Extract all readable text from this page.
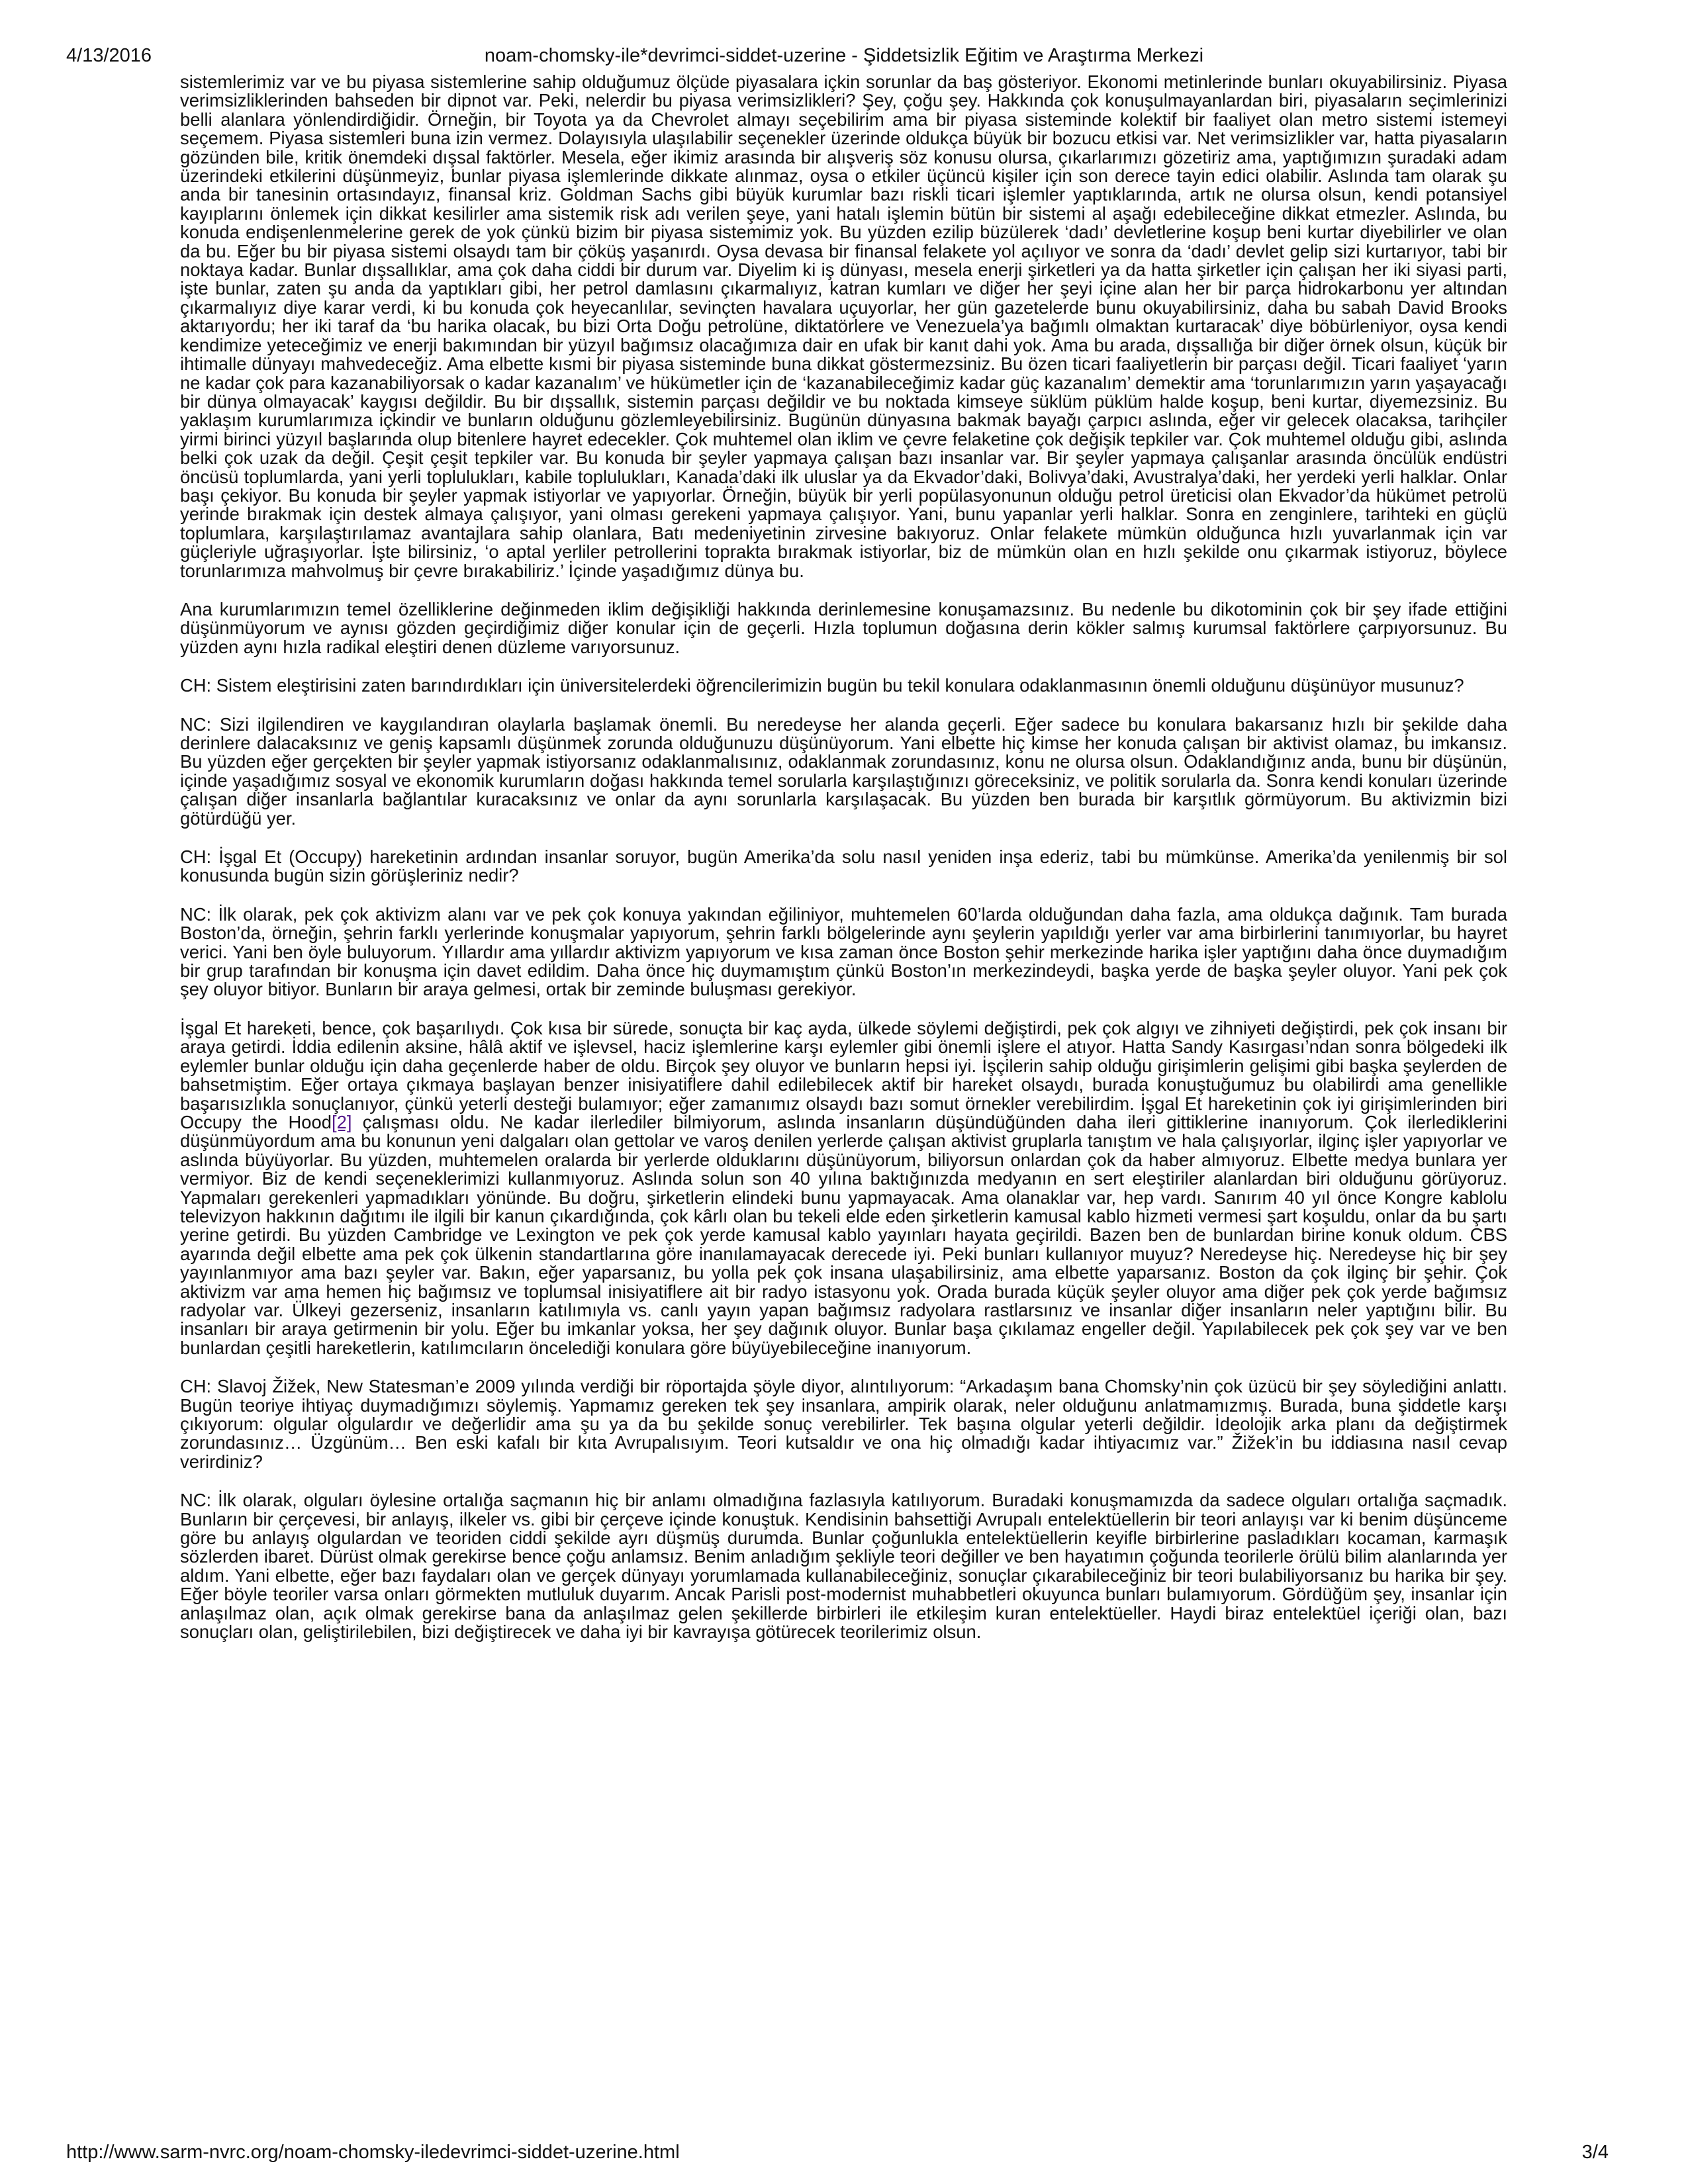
4/13/2016	noam-chomsky-ile*devrimci-siddet-uzerine - Şiddetsizlik Eğitim ve Araştırma Merkezi

sistemlerimiz var ve bu piyasa sistemlerine sahip olduğumuz ölçüde piyasalara içkin sorunlar da baş gösteriyor. Ekonomi metinlerinde bunları okuyabilirsiniz. Piyasa verimsizliklerinden bahseden bir dipnot var. Peki, nelerdir bu piyasa verimsizlikleri? Şey, çoğu şey. Hakkında çok konuşulmayanlardan biri, piyasaların seçimlerinizi belli alanlara yönlendirdiğidir. Örneğin, bir Toyota ya da Chevrolet almayı seçebilirim ama bir piyasa sisteminde kolektif bir faaliyet olan metro sistemi istemeyi seçemem. Piyasa sistemleri buna izin vermez. Dolayısıyla ulaşılabilir seçenekler üzerinde oldukça büyük bir bozucu etkisi var. Net verimsizlikler var, hatta piyasaların gözünden bile, kritik önemdeki dışsal faktörler. Mesela, eğer ikimiz arasında bir alışveriş söz konusu olursa, çıkarlarımızı gözetiriz ama, yaptığımızın şuradaki adam üzerindeki etkilerini düşünmeyiz, bunlar piyasa işlemlerinde dikkate alınmaz, oysa o etkiler üçüncü kişiler için son derece tayin edici olabilir. Aslında tam olarak şu anda bir tanesinin ortasındayız, finansal kriz. Goldman Sachs gibi büyük kurumlar bazı riskli ticari işlemler yaptıklarında, artık ne olursa olsun, kendi potansiyel kayıplarını önlemek için dikkat kesilirler ama sistemik risk adı verilen şeye, yani hatalı işlemin bütün bir sistemi al aşağı edebileceğine dikkat etmezler. Aslında, bu konuda endişenlenmelerine gerek de yok çünkü bizim bir piyasa sistemimiz yok. Bu yüzden ezilip büzülerek ‘dadı’ devletlerine koşup beni kurtar diyebilirler ve olan da bu. Eğer bu bir piyasa sistemi olsaydı tam bir çöküş yaşanırdı. Oysa devasa bir finansal felakete yol açılıyor ve sonra da ‘dadı’ devlet gelip sizi kurtarıyor, tabi bir noktaya kadar. Bunlar dışsallıklar, ama çok daha ciddi bir durum var. Diyelim ki iş dünyası, mesela enerji şirketleri ya da hatta şirketler için çalışan her iki siyasi parti, işte bunlar, zaten şu anda da yaptıkları gibi, her petrol damlasını çıkarmalıyız, katran kumları ve diğer her şeyi içine alan her bir parça hidrokarbonu yer altından çıkarmalıyız diye karar verdi, ki bu konuda çok heyecanlılar, sevinçten havalara uçuyorlar, her gün gazetelerde bunu okuyabilirsiniz, daha bu sabah David Brooks aktarıyordu; her iki taraf da ‘bu harika olacak, bu bizi Orta Doğu petrolüne, diktatörlere ve Venezuela’ya bağımlı olmaktan kurtaracak’ diye böbürleniyor, oysa kendi kendimize yeteceğimiz ve enerji bakımından bir yüzyıl bağımsız olacağımıza dair en ufak bir kanıt dahi yok. Ama bu arada, dışsallığa bir diğer örnek olsun, küçük bir ihtimalle dünyayı mahvedeceğiz. Ama elbette kısmi bir piyasa sisteminde buna dikkat göstermezsiniz. Bu özen ticari faaliyetlerin bir parçası değil. Ticari faaliyet ‘yarın ne kadar çok para kazanabiliyorsak o kadar kazanalım’ ve hükümetler için de ‘kazanabileceğimiz kadar güç kazanalım’ demektir ama ‘torunlarımızın yarın yaşayacağı bir dünya olmayacak’ kaygısı değildir. Bu bir dışsallık, sistemin parçası değildir ve bu noktada kimseye süklüm püklüm halde koşup, beni kurtar, diyemezsiniz. Bu yaklaşım kurumlarımıza içkindir ve bunların olduğunu gözlemleyebilirsiniz. Bugünün dünyasına bakmak bayağı çarpıcı aslında, eğer vir gelecek olacaksa, tarihçiler yirmi birinci yüzyıl başlarında olup bitenlere hayret edecekler. Çok muhtemel olan iklim ve çevre felaketine çok değişik tepkiler var. Çok muhtemel olduğu gibi, aslında belki çok uzak da değil. Çeşit çeşit tepkiler var. Bu konuda bir şeyler yapmaya çalışan bazı insanlar var. Bir şeyler yapmaya çalışanlar arasında öncülük endüstri öncüsü toplumlarda, yani yerli toplulukları, kabile toplulukları, Kanada’daki ilk uluslar ya da Ekvador’daki, Bolivya’daki, Avustralya’daki, her yerdeki yerli halklar. Onlar başı çekiyor. Bu konuda bir şeyler yapmak istiyorlar ve yapıyorlar. Örneğin, büyük bir yerli popülasyonunun olduğu petrol üreticisi olan Ekvador’da hükümet petrolü yerinde bırakmak için destek almaya çalışıyor, yani olması gerekeni yapmaya çalışıyor. Yani, bunu yapanlar yerli halklar. Sonra en zenginlere, tarihteki en güçlü toplumlara, karşılaştırılamaz avantajlara sahip olanlara, Batı medeniyetinin zirvesine bakıyoruz. Onlar felakete mümkün olduğunca hızlı yuvarlanmak için var güçleriyle uğraşıyorlar. İşte bilirsiniz, ‘o aptal yerliler petrollerini toprakta bırakmak istiyorlar, biz de mümkün olan en hızlı şekilde onu çıkarmak istiyoruz, böylece torunlarımıza mahvolmuş bir çevre bırakabiliriz.’ İçinde yaşadığımız dünya bu.

Ana kurumlarımızın temel özelliklerine değinmeden iklim değişikliği hakkında derinlemesine konuşamazsınız. Bu nedenle bu dikotominin çok bir şey ifade ettiğini düşünmüyorum ve aynısı gözden geçirdiğimiz diğer konular için de geçerli. Hızla toplumun doğasına derin kökler salmış kurumsal faktörlere çarpıyorsunuz. Bu yüzden aynı hızla radikal eleştiri denen düzleme varıyorsunuz.

CH: Sistem eleştirisini zaten barındırdıkları için üniversitelerdeki öğrencilerimizin bugün bu tekil konulara odaklanmasının önemli olduğunu düşünüyor musunuz?

NC: Sizi ilgilendiren ve kaygılandıran olaylarla başlamak önemli. Bu neredeyse her alanda geçerli. Eğer sadece bu konulara bakarsanız hızlı bir şekilde daha derinlere dalacaksınız ve geniş kapsamlı düşünmek zorunda olduğunuzu düşünüyorum. Yani elbette hiç kimse her konuda çalışan bir aktivist olamaz, bu imkansız. Bu yüzden eğer gerçekten bir şeyler yapmak istiyorsanız odaklanmalısınız, odaklanmak zorundasınız, konu ne olursa olsun. Odaklandığınız anda, bunu bir düşünün, içinde yaşadığımız sosyal ve ekonomik kurumların doğası hakkında temel sorularla karşılaştığınızı göreceksiniz, ve politik sorularla da. Sonra kendi konuları üzerinde çalışan diğer insanlarla bağlantılar kuracaksınız ve onlar da aynı sorunlarla karşılaşacak. Bu yüzden ben burada bir karşıtlık görmüyorum. Bu aktivizmin bizi götürdüğü yer.

CH: İşgal Et (Occupy) hareketinin ardından insanlar soruyor, bugün Amerika’da solu nasıl yeniden inşa ederiz, tabi bu mümkünse. Amerika’da yenilenmiş bir sol konusunda bugün sizin görüşleriniz nedir?

NC: İlk olarak, pek çok aktivizm alanı var ve pek çok konuya yakından eğiliniyor, muhtemelen 60’larda olduğundan daha fazla, ama oldukça dağınık. Tam burada Boston’da, örneğin, şehrin farklı yerlerinde konuşmalar yapıyorum, şehrin farklı bölgelerinde aynı şeylerin yapıldığı yerler var ama birbirlerini tanımıyorlar, bu hayret verici. Yani ben öyle buluyorum. Yıllardır ama yıllardır aktivizm yapıyorum ve kısa zaman önce Boston şehir merkezinde harika işler yaptığını daha önce duymadığım bir grup tarafından bir konuşma için davet edildim. Daha önce hiç duymamıştım çünkü Boston’ın merkezindeydi, başka yerde de başka şeyler oluyor. Yani pek çok şey oluyor bitiyor. Bunların bir araya gelmesi, ortak bir zeminde buluşması gerekiyor.

İşgal Et hareketi, bence, çok başarılıydı. Çok kısa bir sürede, sonuçta bir kaç ayda, ülkede söylemi değiştirdi, pek çok algıyı ve zihniyeti değiştirdi, pek çok insanı bir araya getirdi. İddia edilenin aksine, hâlâ aktif ve işlevsel, haciz işlemlerine karşı eylemler gibi önemli işlere el atıyor. Hatta Sandy Kasırgası’ndan sonra bölgedeki ilk eylemler bunlar olduğu için daha geçenlerde haber de oldu. Birçok şey oluyor ve bunların hepsi iyi. İşçilerin sahip olduğu girişimlerin gelişimi gibi başka şeylerden de bahsetmiştim. Eğer ortaya çıkmaya başlayan benzer inisiyatiflere dahil edilebilecek aktif bir hareket olsaydı, burada konuştuğumuz bu olabilirdi ama genellikle başarısızlıkla sonuçlanıyor, çünkü yeterli desteği bulamıyor; eğer zamanımız olsaydı bazı somut örnekler verebilirdim. İşgal Et hareketinin çok iyi girişimlerinden biri Occupy the Hood[2] çalışması oldu. Ne kadar ilerlediler bilmiyorum, aslında insanların düşündüğünden daha ileri gittiklerine inanıyorum. Çok ilerlediklerini düşünmüyordum ama bu konunun yeni dalgaları olan gettolar ve varoş denilen yerlerde çalışan aktivist gruplarla tanıştım ve hala çalışıyorlar, ilginç işler yapıyorlar ve aslında büyüyorlar. Bu yüzden, muhtemelen oralarda bir yerlerde olduklarını düşünüyorum, biliyorsun onlardan çok da haber almıyoruz. Elbette medya bunlara yer vermiyor. Biz de kendi seçeneklerimizi kullanmıyoruz. Aslında solun son 40 yılına baktığınızda medyanın en sert eleştiriler alanlardan biri olduğunu görüyoruz. Yapmaları gerekenleri yapmadıkları yönünde. Bu doğru, şirketlerin elindeki bunu yapmayacak. Ama olanaklar var, hep vardı. Sanırım 40 yıl önce Kongre kablolu televizyon hakkının dağıtımı ile ilgili bir kanun çıkardığında, çok kârlı olan bu tekeli elde eden şirketlerin kamusal kablo hizmeti vermesi şart koşuldu, onlar da bu şartı yerine getirdi. Bu yüzden Cambridge ve Lexington ve pek çok yerde kamusal kablo yayınları hayata geçirildi. Bazen ben de bunlardan birine konuk oldum. CBS ayarında değil elbette ama pek çok ülkenin standartlarına göre inanılamayacak derecede iyi. Peki bunları kullanıyor muyuz? Neredeyse hiç. Neredeyse hiç bir şey yayınlanmıyor ama bazı şeyler var. Bakın, eğer yaparsanız, bu yolla pek çok insana ulaşabilirsiniz, ama elbette yaparsanız. Boston da çok ilginç bir şehir. Çok aktivizm var ama hemen hiç bağımsız ve toplumsal inisiyatiflere ait bir radyo istasyonu yok. Orada burada küçük şeyler oluyor ama diğer pek çok yerde bağımsız radyolar var. Ülkeyi gezerseniz, insanların katılımıyla vs. canlı yayın yapan bağımsız radyolara rastlarsınız ve insanlar diğer insanların neler yaptığını bilir. Bu insanları bir araya getirmenin bir yolu. Eğer bu imkanlar yoksa, her şey dağınık oluyor. Bunlar başa çıkılamaz engeller değil. Yapılabilecek pek çok şey var ve ben bunlardan çeşitli hareketlerin, katılımcıların öncelediği konulara göre büyüyebileceğine inanıyorum.

CH: Slavoj Žižek, New Statesman’e 2009 yılında verdiği bir röportajda şöyle diyor, alıntılıyorum: “Arkadaşım bana Chomsky’nin çok üzücü bir şey söylediğini anlattı. Bugün teoriye ihtiyaç duymadığımızı söylemiş. Yapmamız gereken tek şey insanlara, ampirik olarak, neler olduğunu anlatmamızmış. Burada, buna şiddetle karşı çıkıyorum: olgular olgulardır ve değerlidir ama şu ya da bu şekilde sonuç verebilirler. Tek başına olgular yeterli değildir. İdeolojik arka planı da değiştirmek zorundasınız… Üzgünüm… Ben eski kafalı bir kıta Avrupalısıyım. Teori kutsaldır ve ona hiç olmadığı kadar ihtiyacımız var.” Žižek’in bu iddiasına nasıl cevap verirdiniz?

NC: İlk olarak, olguları öylesine ortalığa saçmanın hiç bir anlamı olmadığına fazlasıyla katılıyorum. Buradaki konuşmamızda da sadece olguları ortalığa saçmadık. Bunların bir çerçevesi, bir anlayış, ilkeler vs. gibi bir çerçeve içinde konuştuk. Kendisinin bahsettiği Avrupalı entelektüellerin bir teori anlayışı var ki benim düşünceme göre bu anlayış olgulardan ve teoriden ciddi şekilde ayrı düşmüş durumda. Bunlar çoğunlukla entelektüellerin keyifle birbirlerine pasladıkları kocaman, karmaşık sözlerden ibaret. Dürüst olmak gerekirse bence çoğu anlamsız. Benim anladığım şekliyle teori değiller ve ben hayatımın çoğunda teorilerle örülü bilim alanlarında yer aldım. Yani elbette, eğer bazı faydaları olan ve gerçek dünyayı yorumlamada kullanabileceğiniz, sonuçlar çıkarabileceğiniz bir teori bulabiliyorsanız bu harika bir şey. Eğer böyle teoriler varsa onları görmekten mutluluk duyarım. Ancak Parisli post-modernist muhabbetleri okuyunca bunları bulamıyorum. Gördüğüm şey, insanlar için anlaşılmaz olan, açık olmak gerekirse bana da anlaşılmaz gelen şekillerde birbirleri ile etkileşim kuran entelektüeller. Haydi biraz entelektüel içeriği olan, bazı sonuçları olan, geliştirilebilen, bizi değiştirecek ve daha iyi bir kavrayışa götürecek teorilerimiz olsun.

http://www.sarm-nvrc.org/noam-chomsky-iledevrimci-siddet-uzerine.html	3/4
